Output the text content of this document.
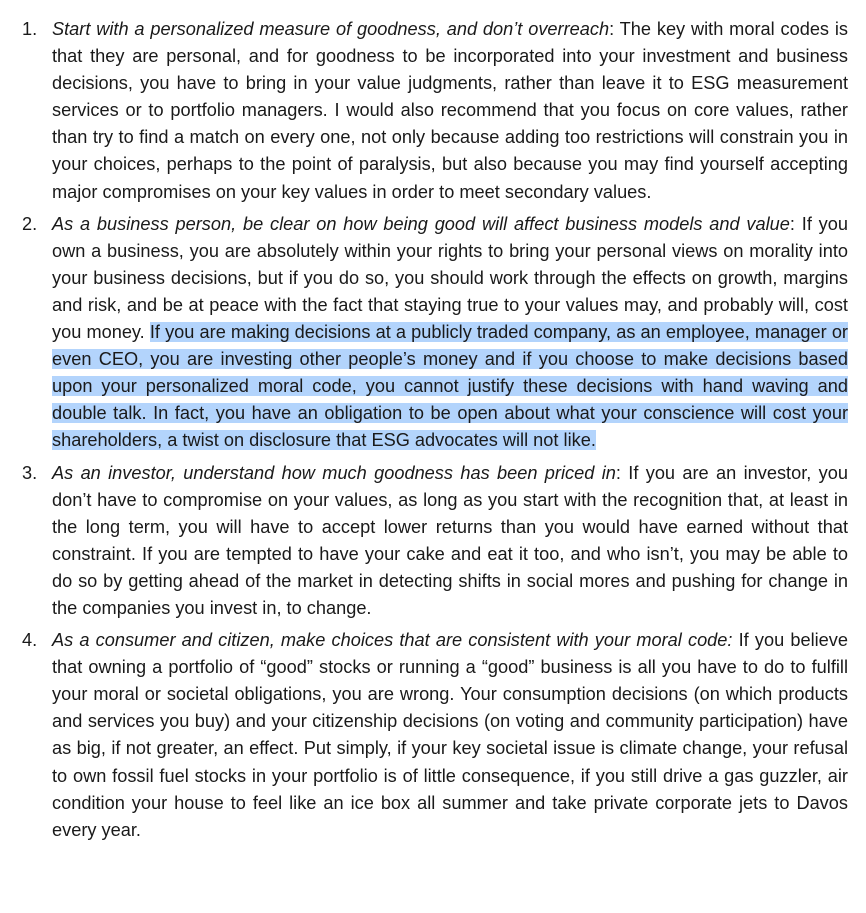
1. Start with a personalized measure of goodness, and don’t overreach: The key with moral codes is that they are personal, and for goodness to be incorporated into your investment and business decisions, you have to bring in your value judgments, rather than leave it to ESG measurement services or to portfolio managers. I would also recommend that you focus on core values, rather than try to find a match on every one, not only because adding too restrictions will constrain you in your choices, perhaps to the point of paralysis, but also because you may find yourself accepting major compromises on your key values in order to meet secondary values.

2. As a business person, be clear on how being good will affect business models and value: If you own a business, you are absolutely within your rights to bring your personal views on morality into your business decisions, but if you do so, you should work through the effects on growth, margins and risk, and be at peace with the fact that staying true to your values may, and probably will, cost you money. If you are making decisions at a publicly traded company, as an employee, manager or even CEO, you are investing other people’s money and if you choose to make decisions based upon your personalized moral code, you cannot justify these decisions with hand waving and double talk. In fact, you have an obligation to be open about what your conscience will cost your shareholders, a twist on disclosure that ESG advocates will not like.

3. As an investor, understand how much goodness has been priced in: If you are an investor, you don’t have to compromise on your values, as long as you start with the recognition that, at least in the long term, you will have to accept lower returns than you would have earned without that constraint. If you are tempted to have your cake and eat it too, and who isn’t, you may be able to do so by getting ahead of the market in detecting shifts in social mores and pushing for change in the companies you invest in, to change.

4. As a consumer and citizen, make choices that are consistent with your moral code: If you believe that owning a portfolio of “good” stocks or running a “good” business is all you have to do to fulfill your moral or societal obligations, you are wrong. Your consumption decisions (on which products and services you buy) and your citizenship decisions (on voting and community participation) have as big, if not greater, an effect. Put simply, if your key societal issue is climate change, your refusal to own fossil fuel stocks in your portfolio is of little consequence, if you still drive a gas guzzler, air condition your house to feel like an ice box all summer and take private corporate jets to Davos every year.
